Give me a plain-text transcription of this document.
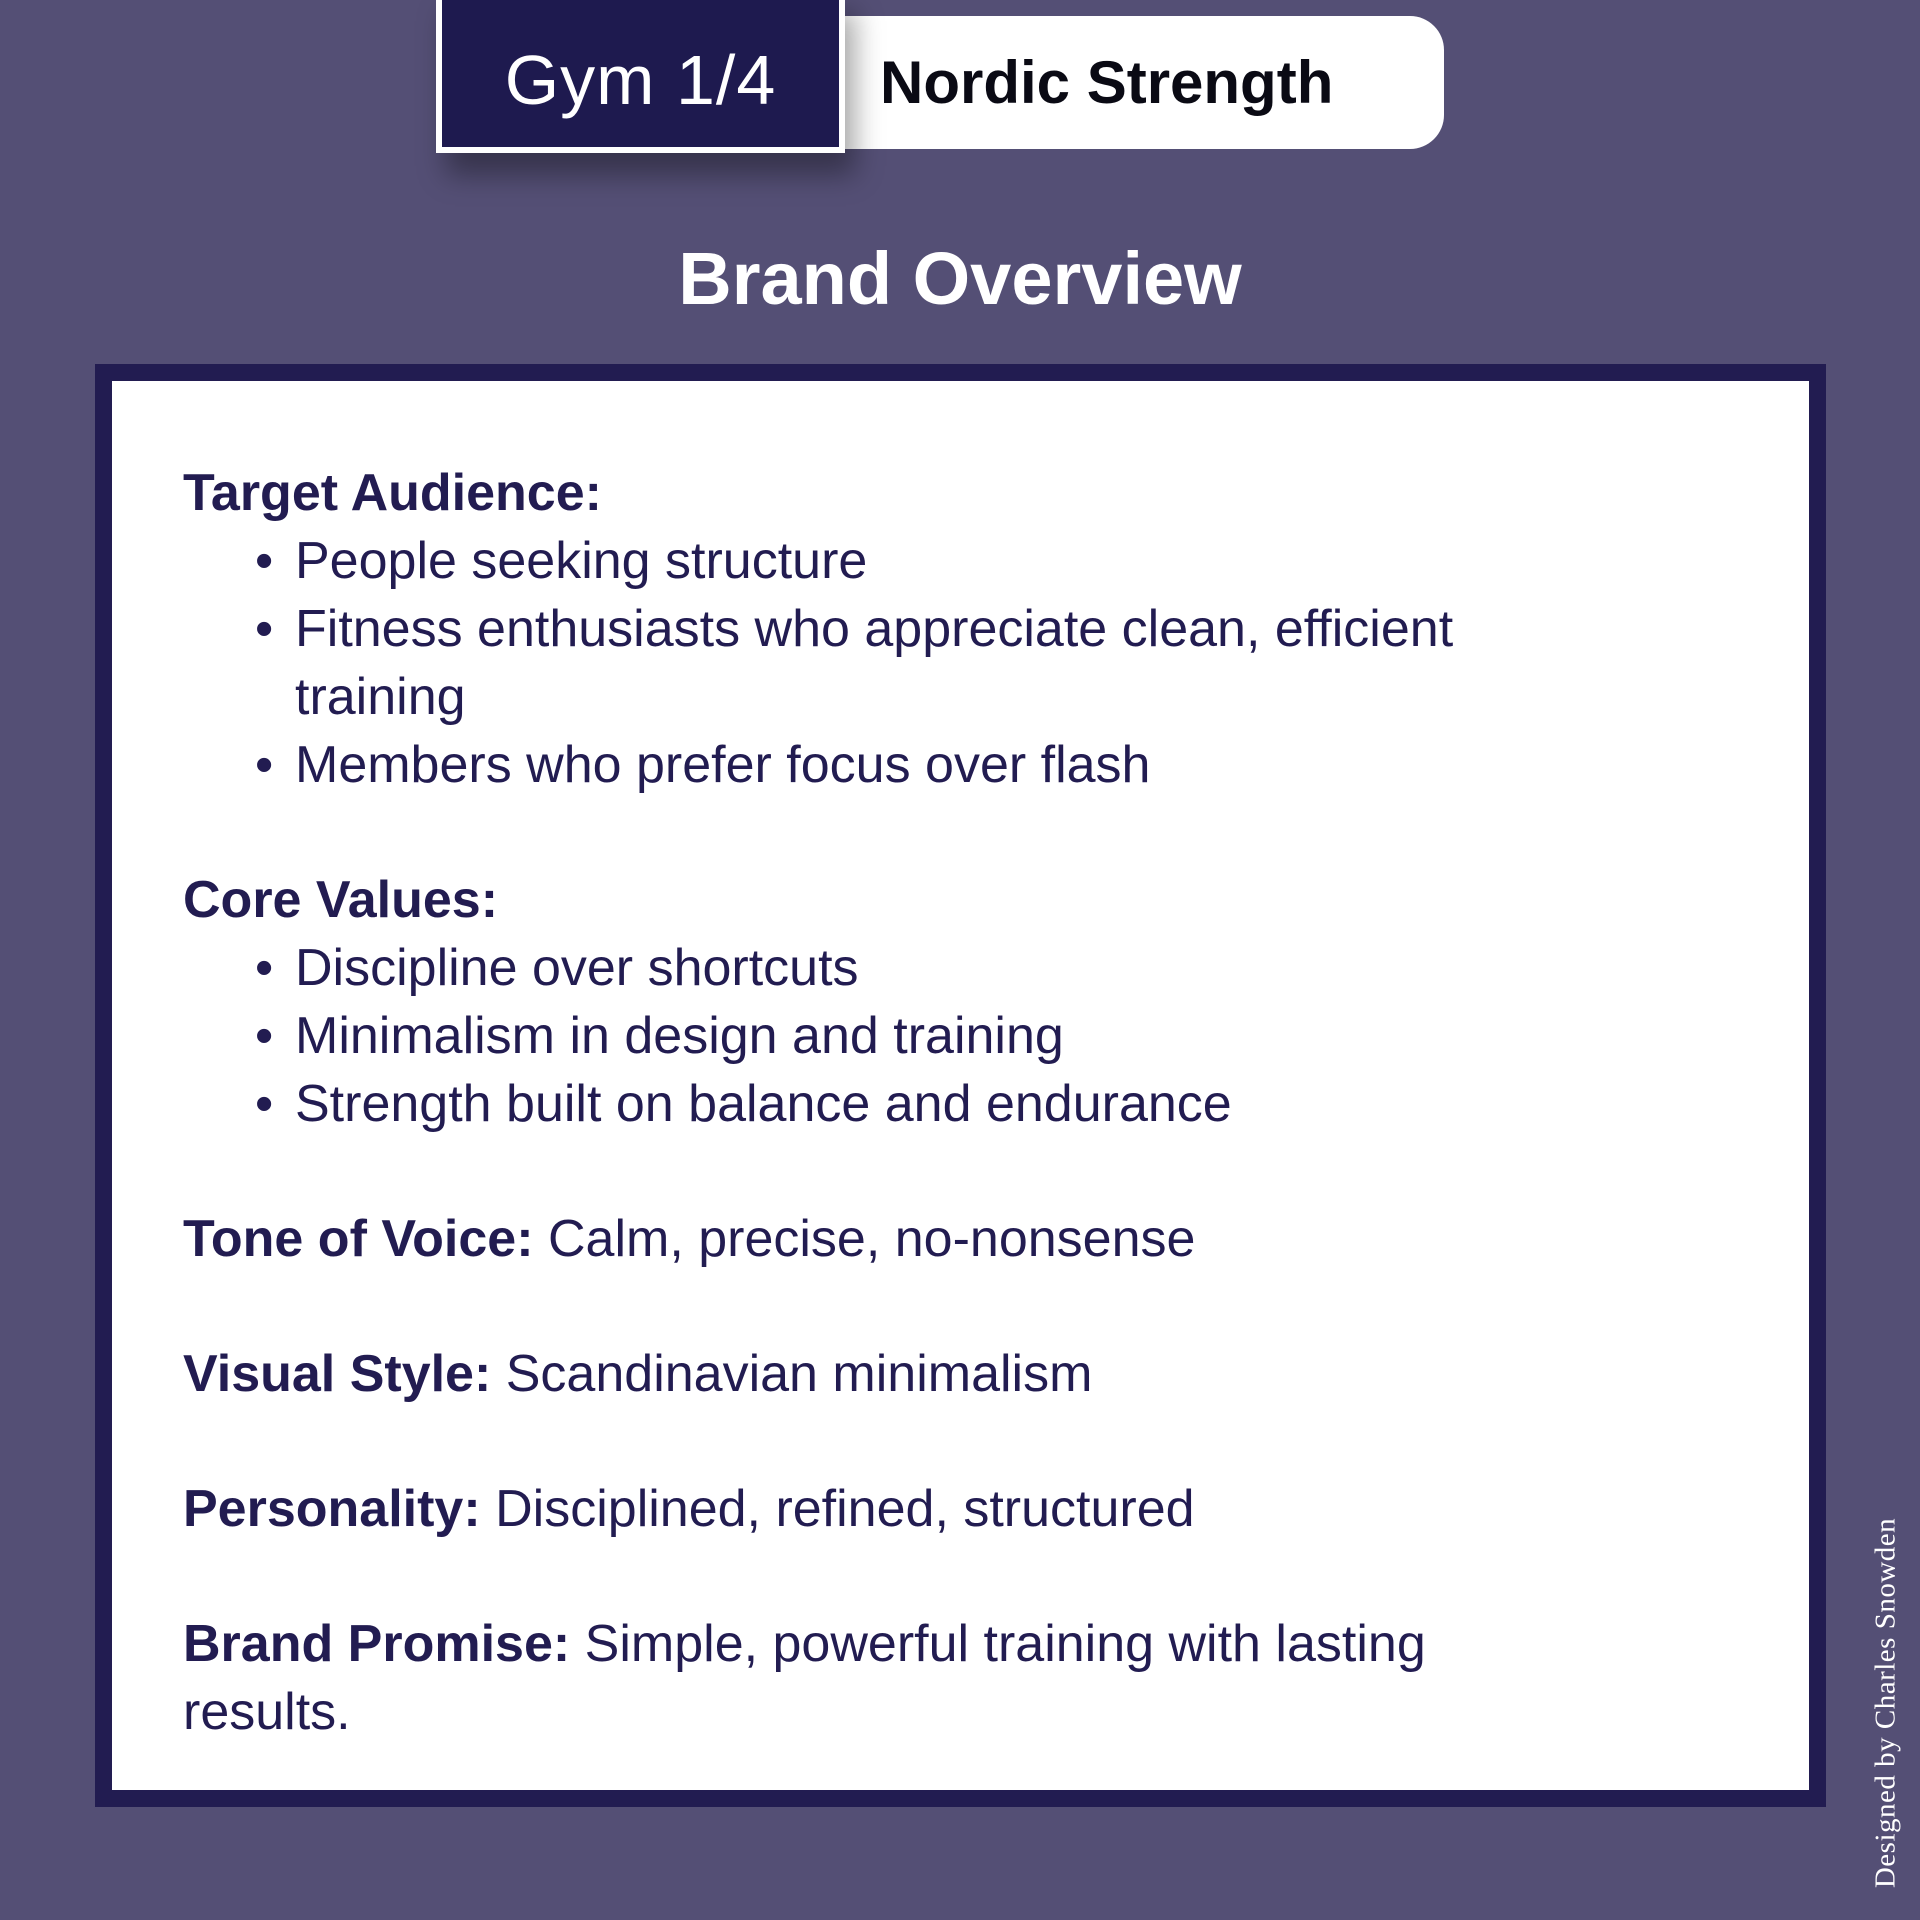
Gym 1/4 Nordic Strength
Brand Overview

Target Audience:

• People seeking structure
• Fitness enthusiasts who appreciate clean, efficient training
• Members who prefer focus over flash

Core Values:

• Discipline over shortcuts
• Minimalism in design and training
• Strength built on balance and endurance

Tone of Voice: Calm, precise, no-nonsense

Visual Style: Scandinavian minimalism

Personality: Disciplined, refined, structured

Brand Promise: Simple, powerful training with lasting results.	Designed by Charles Snowden
